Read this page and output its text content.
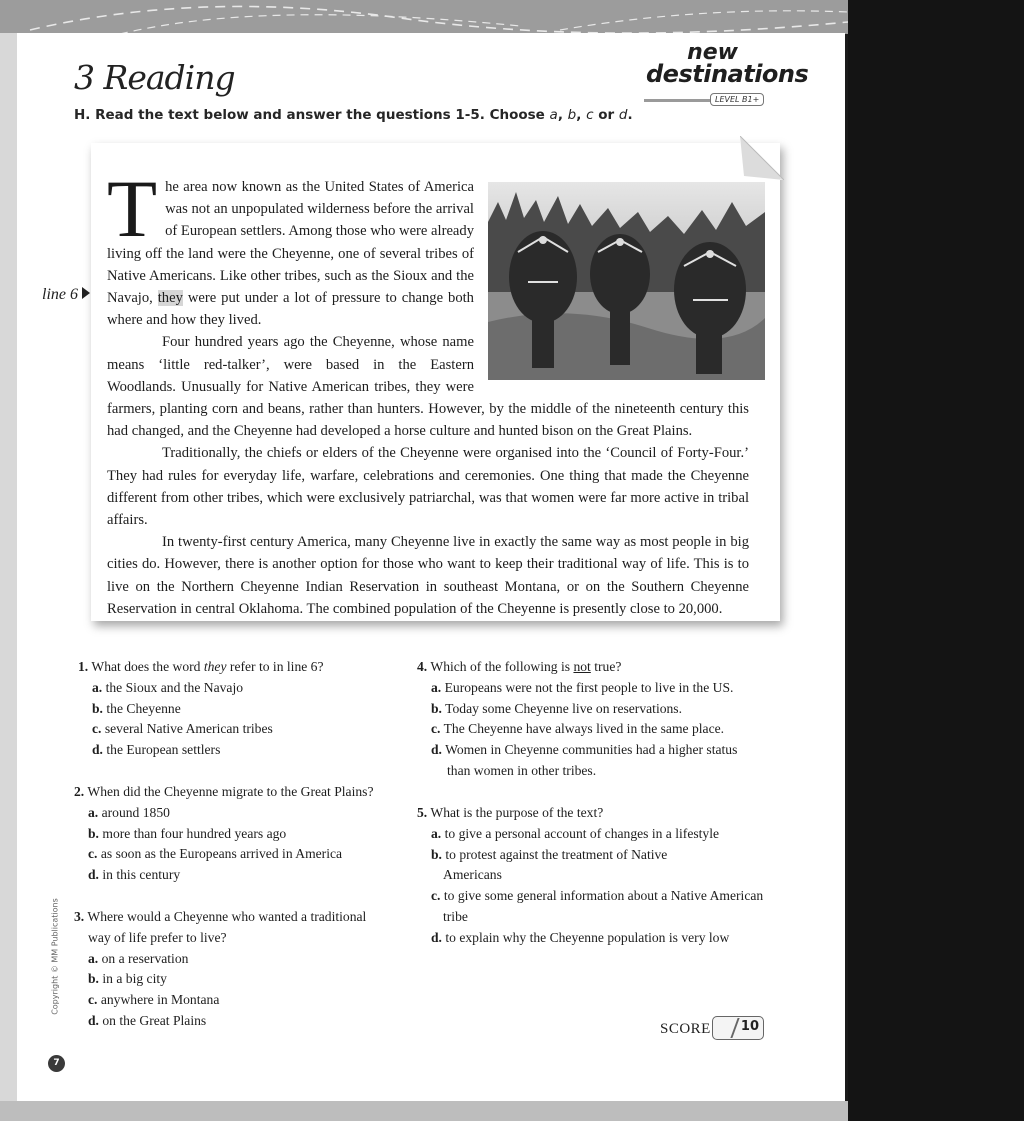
3 Reading
new
destinations
LEVEL B1+
H. Read the text below and answer the questions 1-5. Choose a, b, c or d.
line 6

The area now known as the United States of America was not an unpopulated wilderness before the arrival of European settlers. Among those who were already living off the land were the Cheyenne, one of several tribes of Native Americans. Like other tribes, such as the Sioux and the Navajo, they were put under a lot of pressure to change both where and how they lived.

Four hundred years ago the Cheyenne, whose name means ‘little red-talker’, were based in the Eastern Woodlands. Unusually for Native American tribes, they were farmers, planting corn and beans, rather than hunters. However, by the middle of the nineteenth century this had changed, and the Cheyenne had developed a horse culture and hunted bison on the Great Plains.

Traditionally, the chiefs or elders of the Cheyenne were organised into the ‘Council of Forty-Four.’ They had rules for everyday life, warfare, celebrations and ceremonies. One thing that made the Cheyenne different from other tribes, which were exclusively patriarchal, was that women were far more active in tribal affairs.

In twenty-first century America, many Cheyenne live in exactly the same way as most people in big cities do. However, there is another option for those who want to keep their traditional way of life. This is to live on the Northern Cheyenne Indian Reservation in southeast Montana, or on the Southern Cheyenne Reservation in central Oklahoma. The combined population of the Cheyenne is presently close to 20,000.

1. What does the word they refer to in line 6?
a. the Sioux and the Navajo
b. the Cheyenne
c. several Native American tribes
d. the European settlers
2. When did the Cheyenne migrate to the Great Plains?
a. around 1850
b. more than four hundred years ago
c. as soon as the Europeans arrived in America
d. in this century
3. Where would a Cheyenne who wanted a traditional
way of life prefer to live?
a. on a reservation
b. in a big city
c. anywhere in Montana
d. on the Great Plains
4. Which of the following is not true?
a. Europeans were not the first people to live in the US.
b. Today some Cheyenne live on reservations.
c. The Cheyenne have always lived in the same place.
d. Women in Cheyenne communities had a higher status
than women in other tribes.
5. What is the purpose of the text?
a. to give a personal account of changes in a lifestyle
b. to protest against the treatment of Native
Americans
c. to give some general information about a Native American
tribe
d. to explain why the Cheyenne population is very low
Copyright © MM Publications
7
SCORE 10
